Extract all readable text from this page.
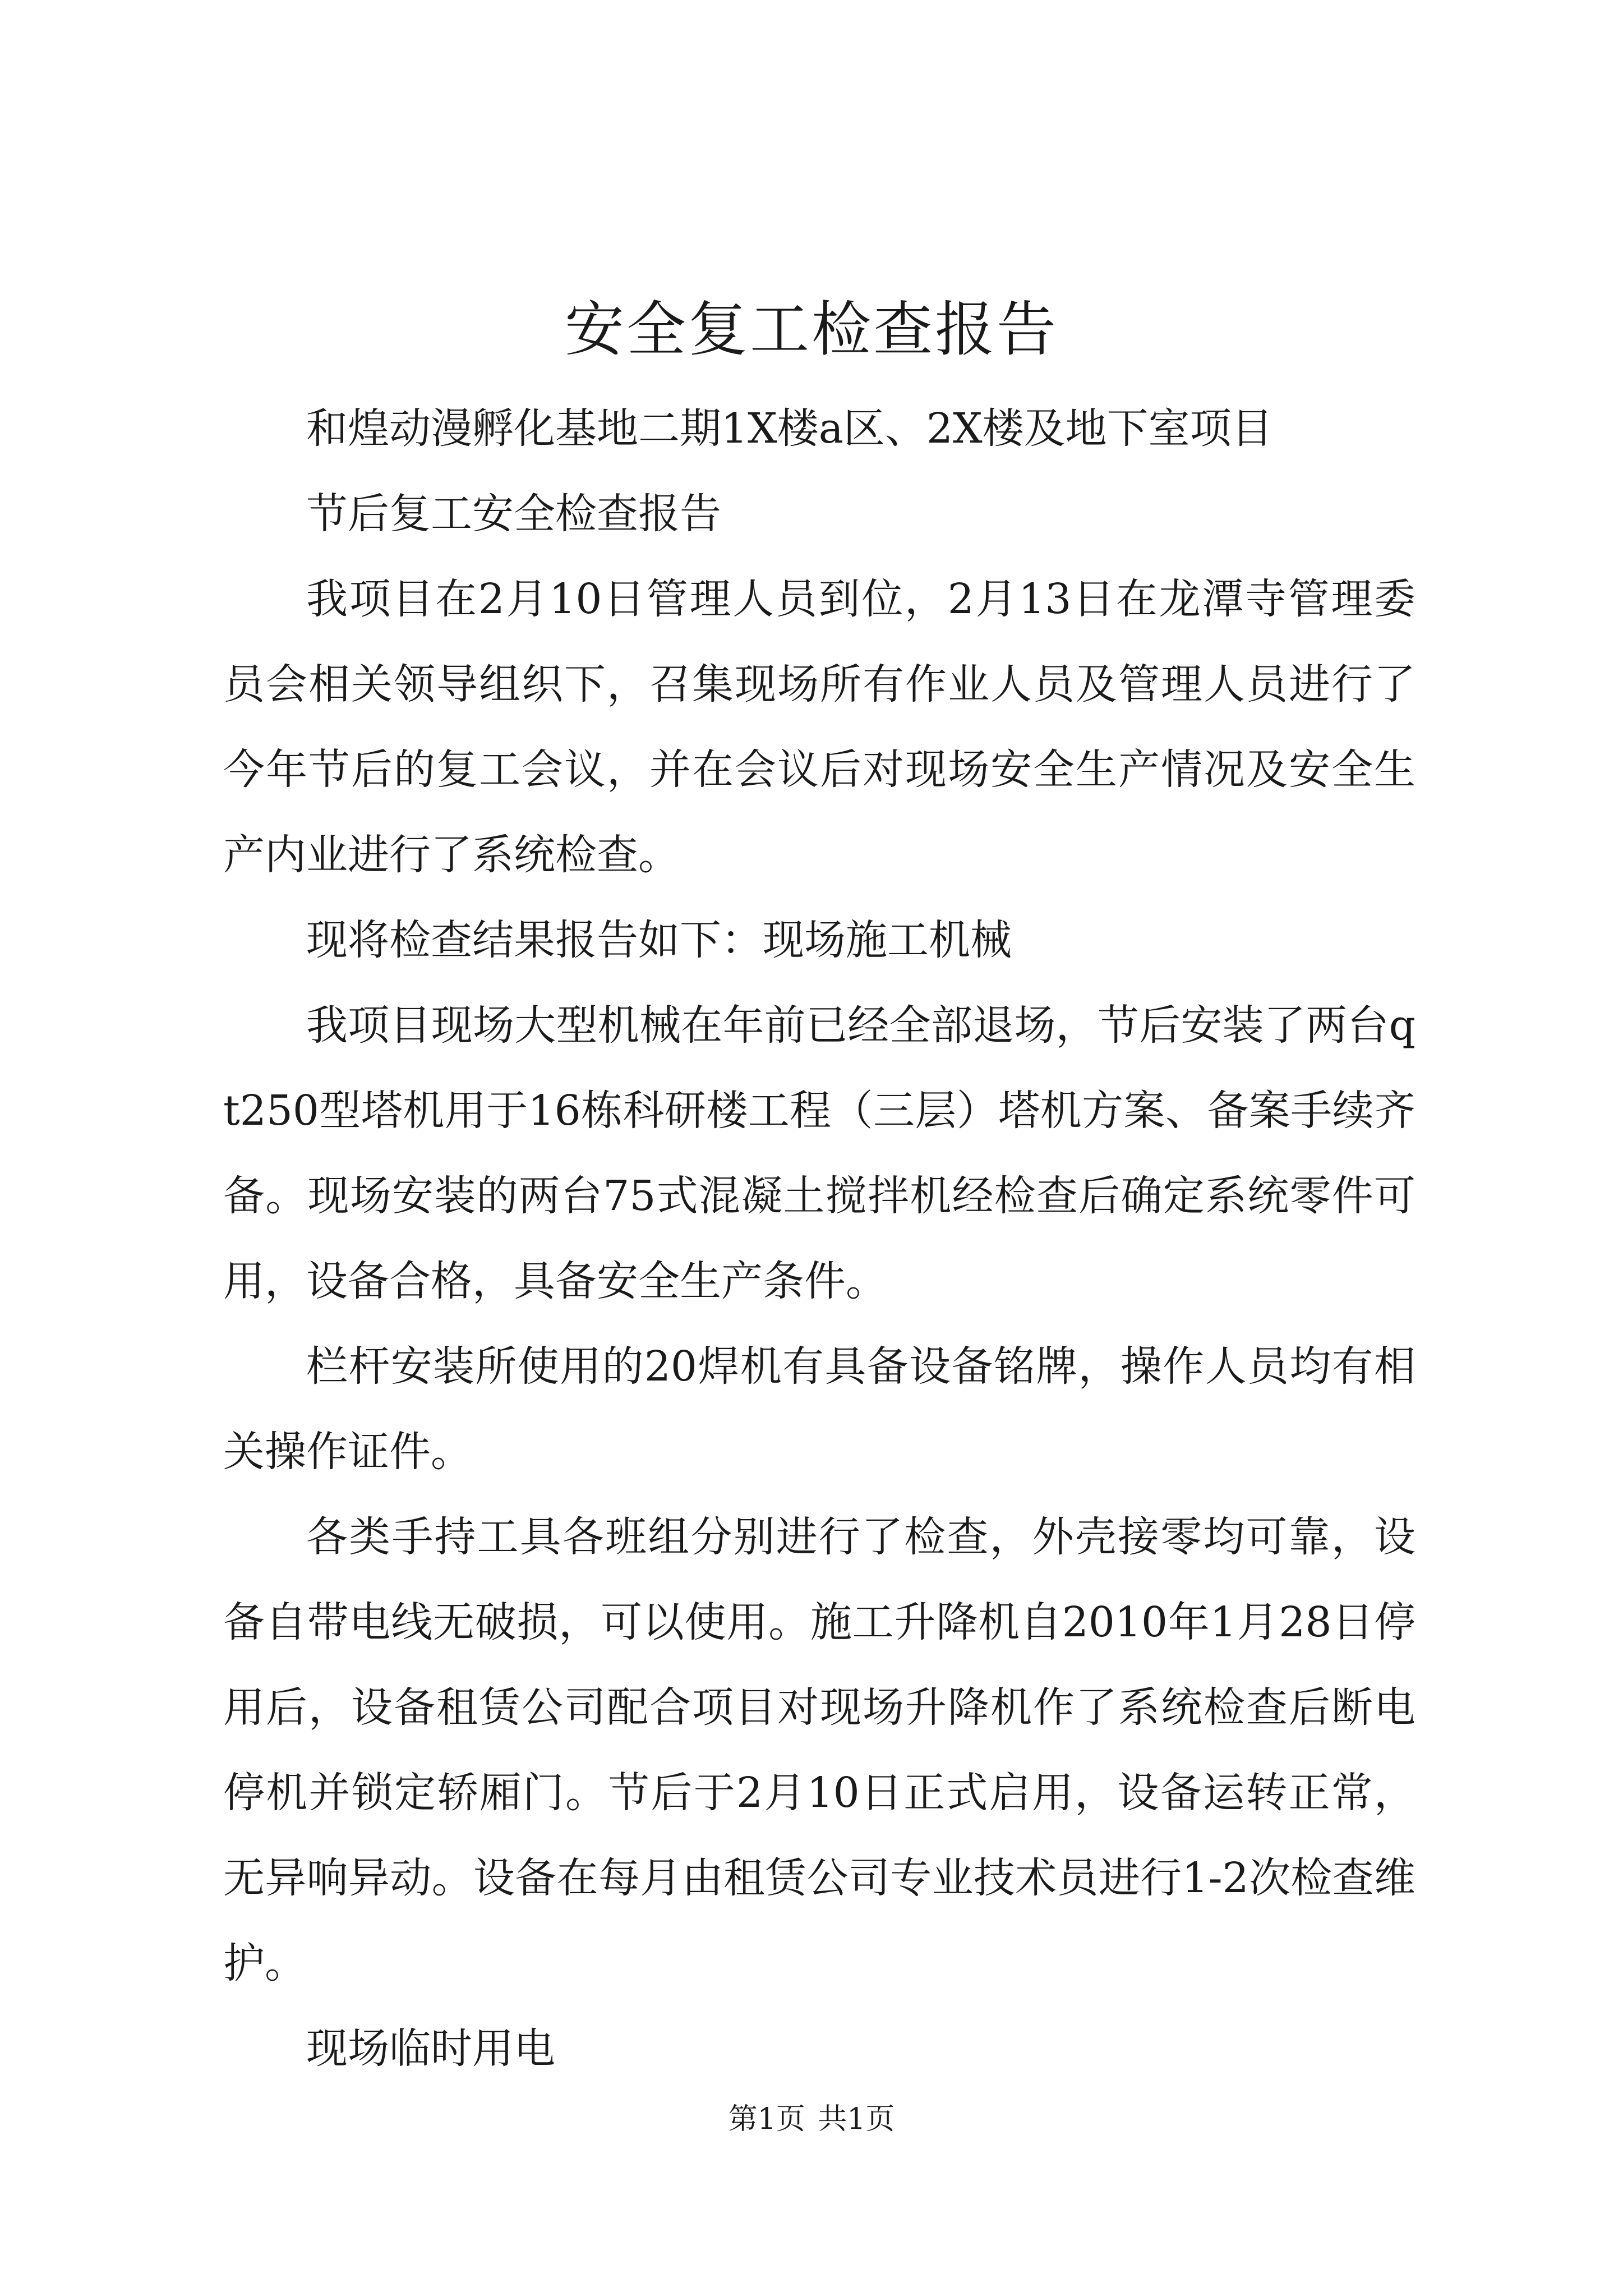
安全复工检查报告

和煌动漫孵化基地二期1X楼a区、2X楼及地下室项目

节后复工安全检查报告

我项目在2月10日管理人员到位，2月13日在龙潭寺管理委员会相关领导组织下，召集现场所有作业人员及管理人员进行了今年节后的复工会议，并在会议后对现场安全生产情况及安全生产内业进行了系统检查。

现将检查结果报告如下：现场施工机械

我项目现场大型机械在年前已经全部退场，节后安装了两台qt250型塔机用于16栋科研楼工程（三层）塔机方案、备案手续齐备。现场安装的两台75式混凝土搅拌机经检查后确定系统零件可用，设备合格，具备安全生产条件。

栏杆安装所使用的20焊机有具备设备铭牌，操作人员均有相关操作证件。

各类手持工具各班组分别进行了检查，外壳接零均可靠，设备自带电线无破损，可以使用。施工升降机自2010年1月28日停用后，设备租赁公司配合项目对现场升降机作了系统检查后断电停机并锁定轿厢门。节后于2月10日正式启用，设备运转正常，无异响异动。设备在每月由租赁公司专业技术员进行1-2次检查维护。

现场临时用电

第1页 共1页
